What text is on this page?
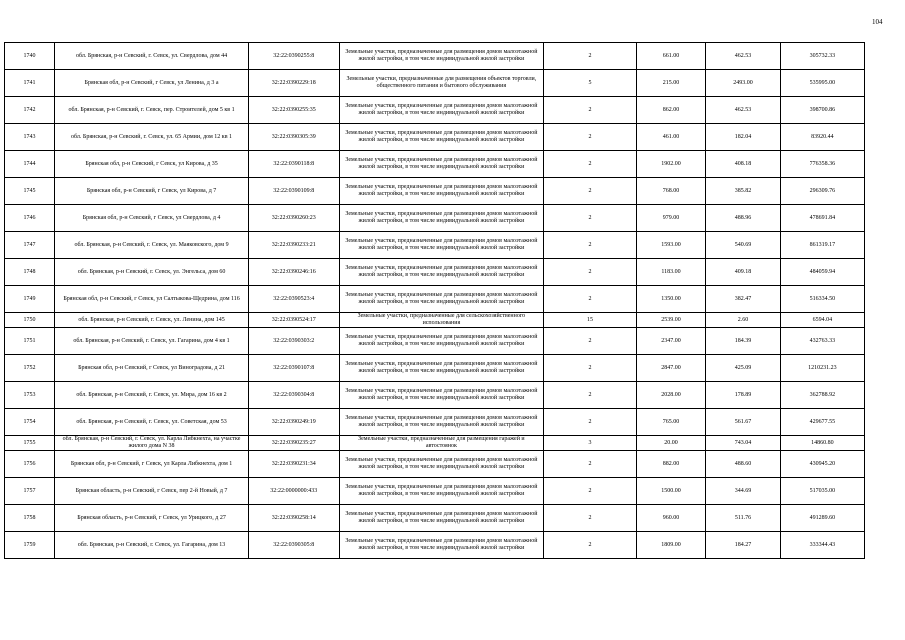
104
1740	обл. Брянская, р-н Севский, г. Севск, ул. Свердлова, дом 44	32:22:0390255:8	Земельные участки, предназначенные для размещения домов малоэтажной жилой застройки, в том числе индивидуальной жилой застройки	2	661.00	462.53	305732.33
1741	Брянская обл, р-н Севский, г Севск, ул Ленина, д 3 а	32:22:0390229:18	Земельные участки, предназначенные для размещения объектов торговли, общественного питания и бытового обслуживания	5	215.00	2493.00	535995.00
1742	обл. Брянская, р-н Севский, г. Севск, пер. Строителей, дом 5 кв 1	32:22:0390255:35	Земельные участки, предназначенные для размещения домов малоэтажной жилой застройки, в том числе индивидуальной жилой застройки	2	862.00	462.53	398700.86
1743	обл. Брянская, р-н Севский, г. Севск, ул. 65 Армии, дом 12 кв 1	32:22:0390305:39	Земельные участки, предназначенные для размещения домов малоэтажной жилой застройки, в том числе индивидуальной жилой застройки	2	461.00	182.04	83920.44
1744	Брянская обл, р-н Севский, г Севск, ул Кирова, д 35	32:22:0390118:8	Земельные участки, предназначенные для размещения домов малоэтажной жилой застройки, в том числе индивидуальной жилой застройки	2	1902.00	408.18	776358.36
1745	Брянская обл, р-н Севский, г Севск, ул Кирова, д 7	32:22:0390109:8	Земельные участки, предназначенные для размещения домов малоэтажной жилой застройки, в том числе индивидуальной жилой застройки	2	768.00	385.82	296309.76
1746	Брянская обл, р-н Севский, г Севск, ул Свердлова, д 4	32:22:0390260:23	Земельные участки, предназначенные для размещения домов малоэтажной жилой застройки, в том числе индивидуальной жилой застройки	2	979.00	488.96	478691.84
1747	обл. Брянская, р-н Севский, г. Севск, ул. Маяковского, дом 9	32:22:0390233:21	Земельные участки, предназначенные для размещения домов малоэтажной жилой застройки, в том числе индивидуальной жилой застройки	2	1593.00	540.69	861319.17
1748	обл. Брянская, р-н Севский, г. Севск, ул. Энгельса, дом 60	32:22:0390246:16	Земельные участки, предназначенные для размещения домов малоэтажной жилой застройки, в том числе индивидуальной жилой застройки	2	1183.00	409.18	484059.94
1749	Брянская обл, р-н Севский, г Севск, ул Салтыкова-Щедрина, дом 116	32:22:0390523:4	Земельные участки, предназначенные для размещения домов малоэтажной жилой застройки, в том числе индивидуальной жилой застройки	2	1350.00	382.47	516334.50
1750	обл. Брянская, р-н Севский, г. Севск, ул. Ленина, дом 145	32:22:0390524:17	Земельные участки, предназначенные для сельскохозяйственного использования	15	2539.00	2.60	6594.04
1751	обл. Брянская, р-н Севский, г. Севск, ул. Гагарина, дом 4 кв 1	32:22:0390303:2	Земельные участки, предназначенные для размещения домов малоэтажной жилой застройки, в том числе индивидуальной жилой застройки	2	2347.00	184.39	432763.33
1752	Брянская обл, р-н Севский, г Севск, ул Виноградова, д 21	32:22:0390107:8	Земельные участки, предназначенные для размещения домов малоэтажной жилой застройки, в том числе индивидуальной жилой застройки	2	2847.00	425.09	1210231.23
1753	обл. Брянская, р-н Севский, г. Севск, ул. Мира, дом 16 кв 2	32:22:0390304:8	Земельные участки, предназначенные для размещения домов малоэтажной жилой застройки, в том числе индивидуальной жилой застройки	2	2028.00	178.89	362788.92
1754	обл. Брянская, р-н Севский, г. Севск, ул. Советская, дом 53	32:22:0390249:19	Земельные участки, предназначенные для размещения домов малоэтажной жилой застройки, в том числе индивидуальной жилой застройки	2	765.00	561.67	429677.55
1755	обл. Брянская, р-н Севский, г. Севск, ул. Карла Либкнехта, на участке жилого дома N 38	32:22:0390235:27	Земельные участки, предназначенные для размещения гаражей и автостоянок	3	20.00	743.04	14860.80
1756	Брянская обл, р-н Севский, г Севск, ул Карла Либкнехта, дом 1	32:22:0390231:34	Земельные участки, предназначенные для размещения домов малоэтажной жилой застройки, в том числе индивидуальной жилой застройки	2	882.00	488.60	430945.20
1757	Брянская область, р-н Севский, г Севск, пер 2-й Новый, д 7	32:22:0000000:433	Земельные участки, предназначенные для размещения домов малоэтажной жилой застройки, в том числе индивидуальной жилой застройки	2	1500.00	344.69	517035.00
1758	Брянская область, р-н Севский, г Севск, ул Урицкого, д 27	32:22:0390258:14	Земельные участки, предназначенные для размещения домов малоэтажной жилой застройки, в том числе индивидуальной жилой застройки	2	960.00	511.76	491289.60
1759	обл. Брянская, р-н Севский, г. Севск, ул. Гагарина, дом 13	32:22:0390305:8	Земельные участки, предназначенные для размещения домов малоэтажной жилой застройки, в том числе индивидуальной жилой застройки	2	1809.00	184.27	333344.43
